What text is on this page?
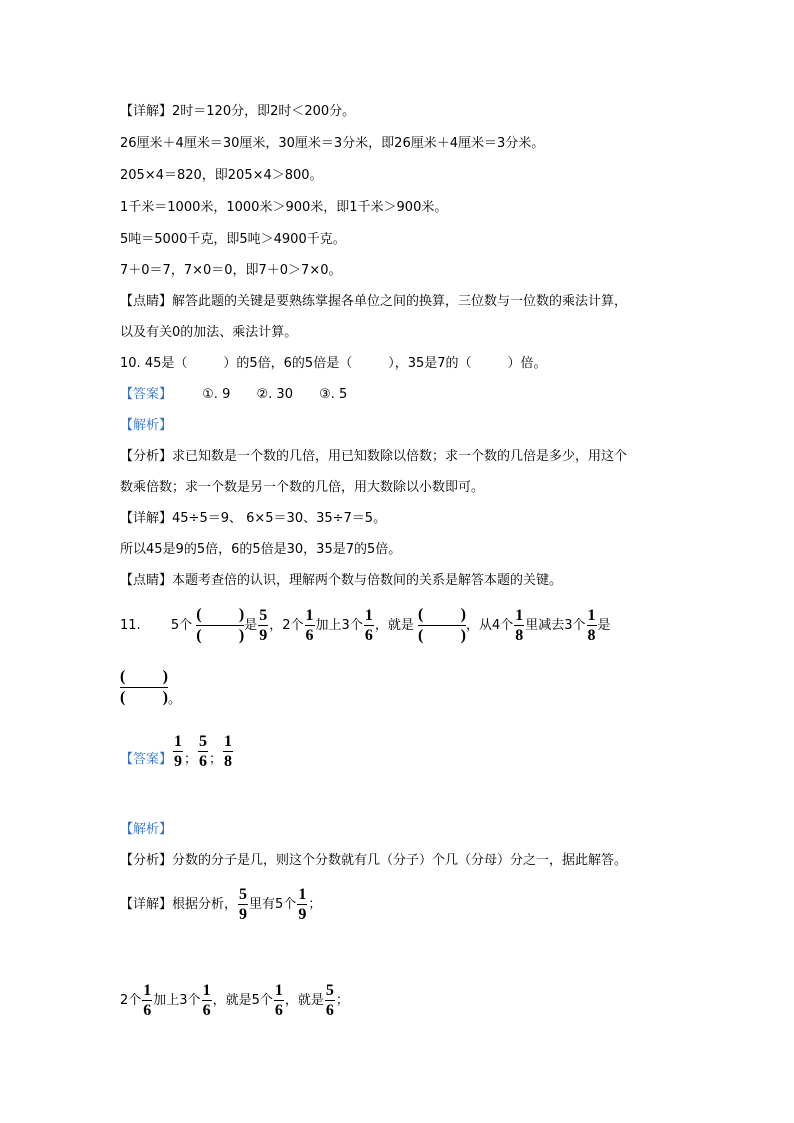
【详解】2时＝120分，即2时＜200分。
26厘米＋4厘米＝30厘米，30厘米＝3分米，即26厘米＋4厘米＝3分米。
205×4＝820，即205×4＞800。
1千米＝1000米，1000米＞900米，即1千米＞900米。
5吨＝5000千克，即5吨＞4900千克。
7＋0＝7，7×0＝0，即7＋0＞7×0。
【点睛】解答此题的关键是要熟练掌握各单位之间的换算，三位数与一位数的乘法计算，
以及有关0的加法、乘法计算。
10. 45是（	）的5倍，6的5倍是（	），35是7的（	）倍。
【答案】 ①. 9 ②. 30 ③. 5
【解析】
【分析】求已知数是一个数的几倍，用已知数除以倍数；求一个数的几倍是多少，用这个
数乘倍数；求一个数是另一个数的几倍，用大数除以小数即可。
【详解】45÷5＝9、 6×5＝30、35÷7＝5。
所以45是9的5倍，6的5倍是30，35是7的5倍。
【点睛】本题考查倍的认识，理解两个数与倍数间的关系是解答本题的关键。
11. 5个 $\frac{( )}{( )}$ 是 $\frac{5}{9}$ ，2个 $\frac{1}{6}$ 加上3个 $\frac{1}{6}$ ，就是 $\frac{( )}{( )}$ ，从4个 $\frac{1}{8}$ 里减去3个 $\frac{1}{8}$ 是
$\frac{( )}{( )}$ 。
【答案】 $\frac{1}{9}$ ； $\frac{5}{6}$ ； $\frac{1}{8}$
【解析】
【分析】分数的分子是几，则这个分数就有几（分子）个几（分母）分之一，据此解答。
【详解】根据分析， $\frac{5}{9}$ 里有5个 $\frac{1}{9}$ ；
2个 $\frac{1}{6}$ 加上3个 $\frac{1}{6}$ ，就是5个 $\frac{1}{6}$ ，就是 $\frac{5}{6}$ ；
